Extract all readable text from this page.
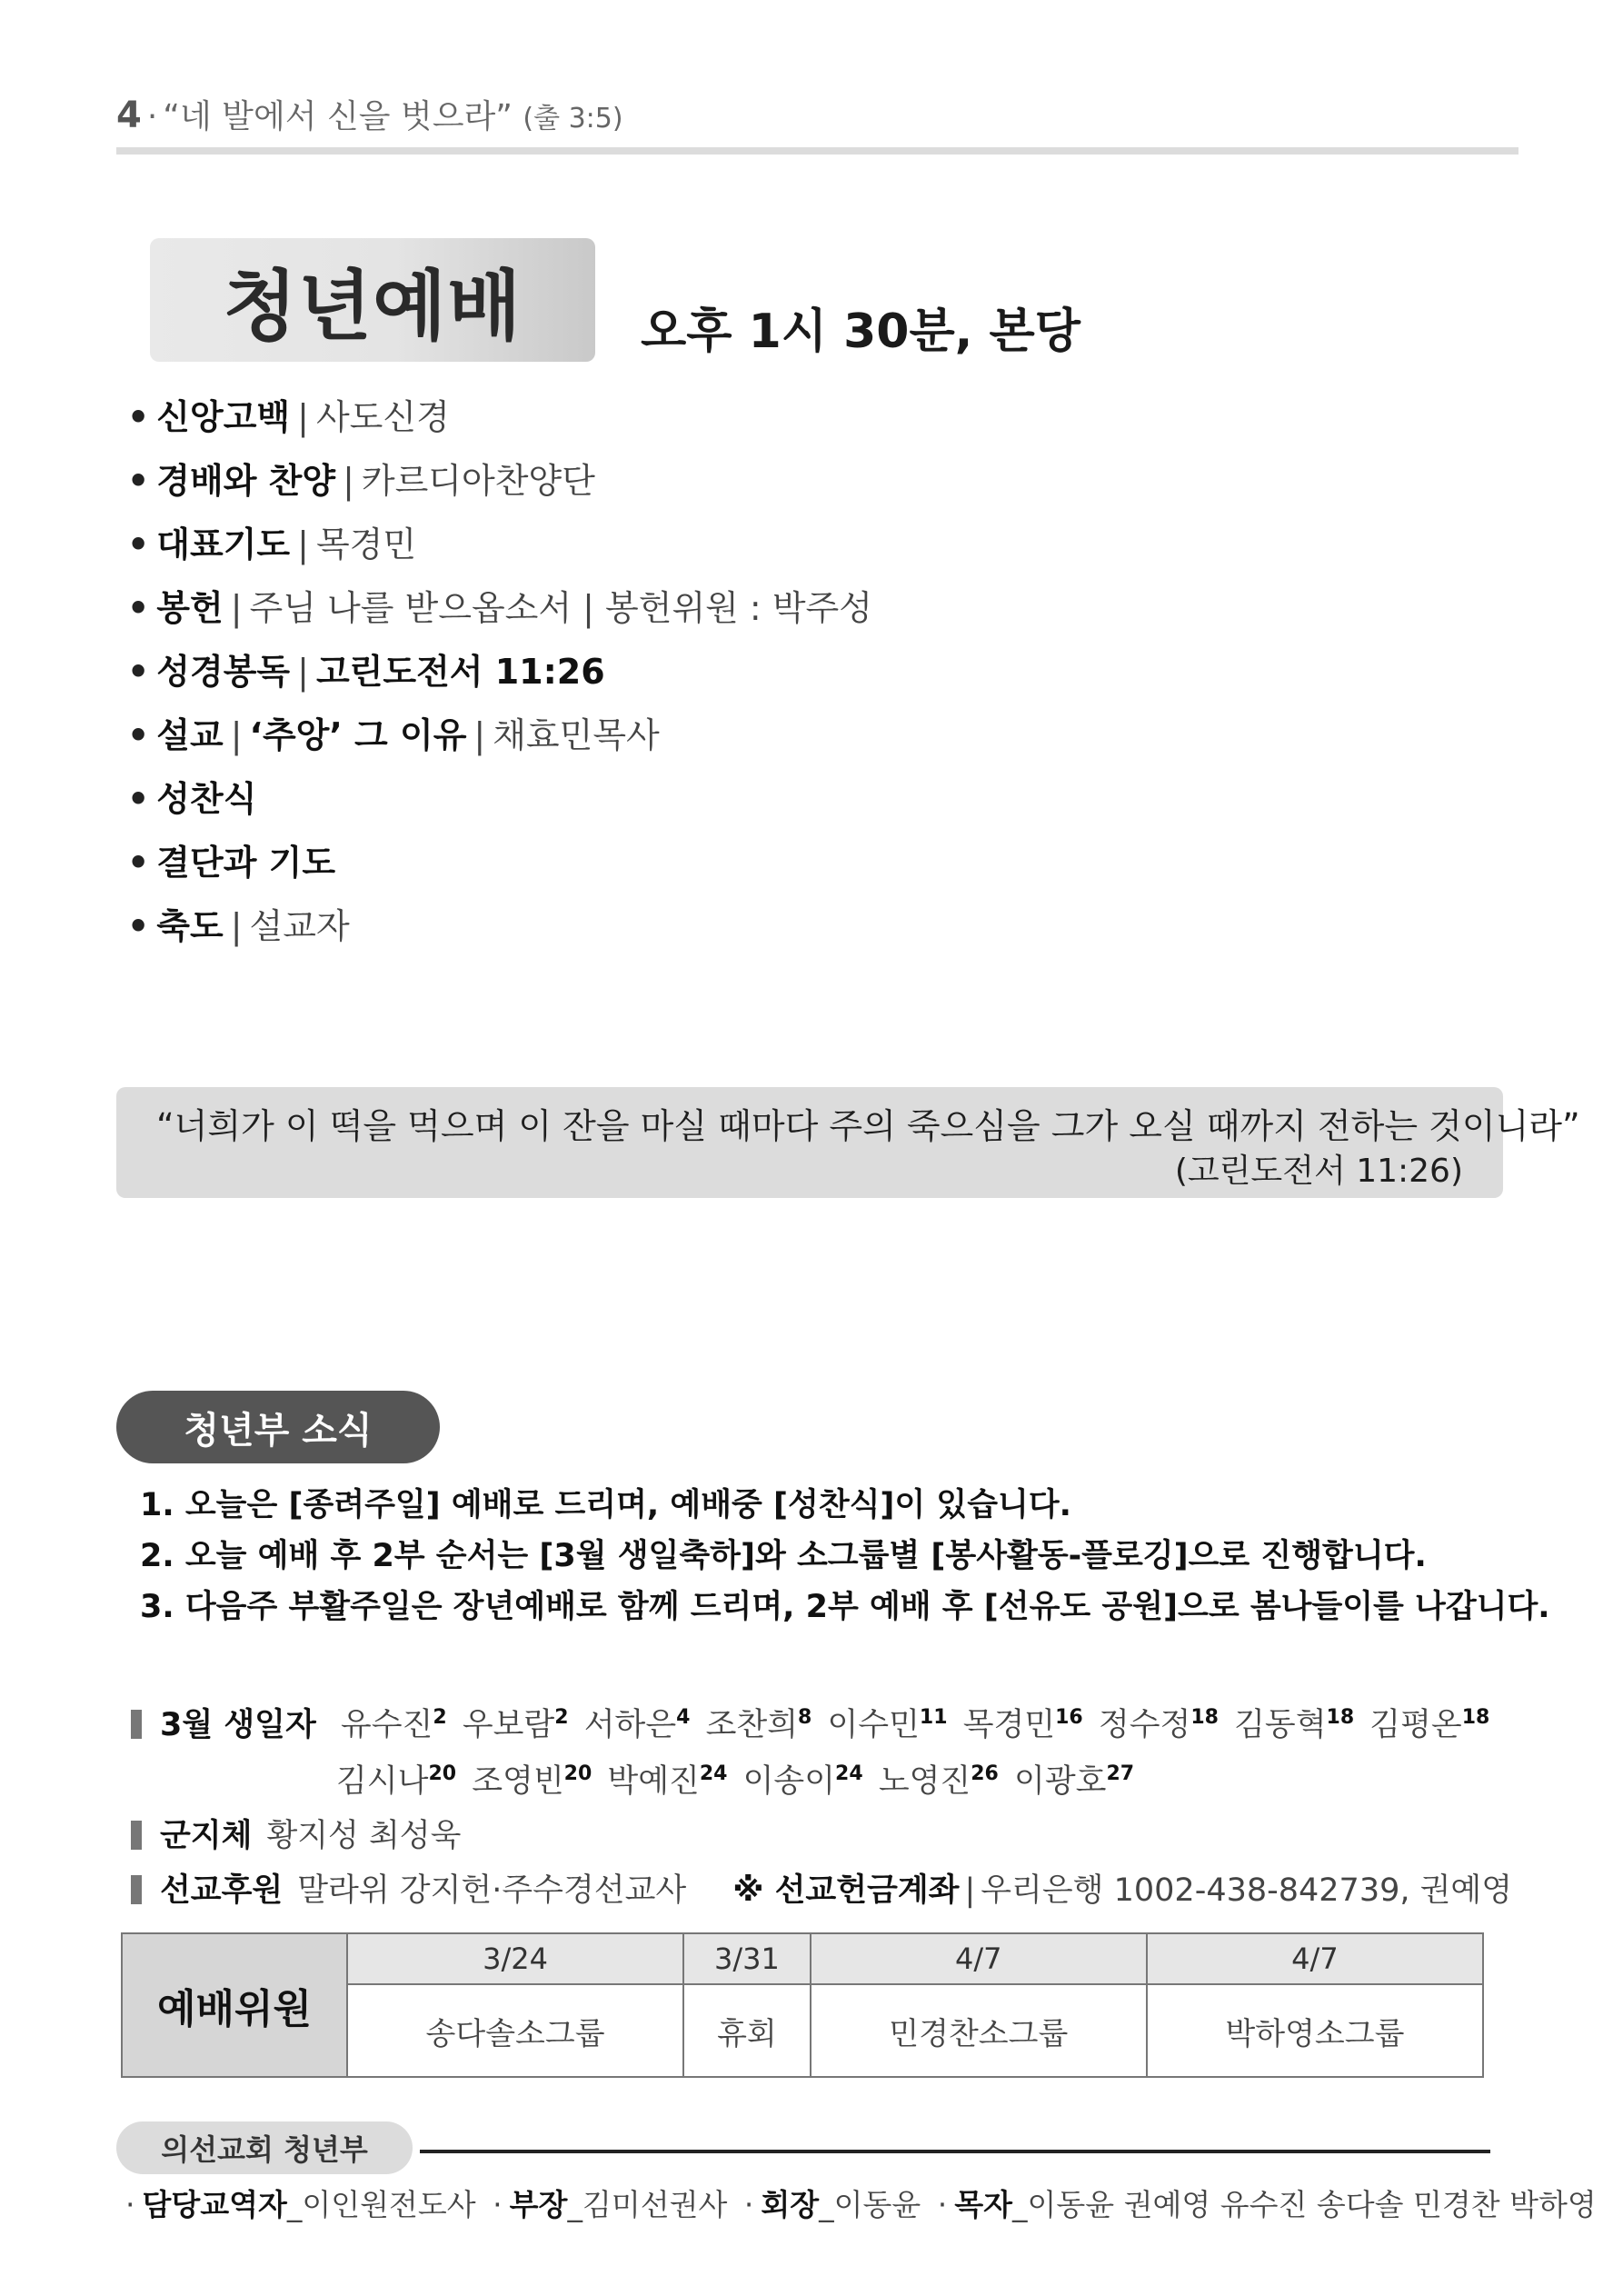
4 · “네 발에서 신을 벗으라” (출 3:5)
청년예배	오후 1시 30분, 본당
• 신앙고백 | 사도신경
• 경배와 찬양 | 카르디아찬양단
• 대표기도 | 목경민
• 봉헌 | 주님 나를 받으옵소서 | 봉헌위원 : 박주성
• 성경봉독 | 고린도전서 11:26
• 설교 | ‘추앙’ 그 이유 | 채효민목사
• 성찬식
• 결단과 기도
• 축도 | 설교자
“너희가 이 떡을 먹으며 이 잔을 마실 때마다 주의 죽으심을 그가 오실 때까지 전하는 것이니라”
(고린도전서 11:26)
청년부 소식
1. 오늘은 [종려주일] 예배로 드리며, 예배중 [성찬식]이 있습니다.
2. 오늘 예배 후 2부 순서는 [3월 생일축하]와 소그룹별 [봉사활동-플로깅]으로 진행합니다.
3. 다음주 부활주일은 장년예배로 함께 드리며, 2부 예배 후 [선유도 공원]으로 봄나들이를 나갑니다.
3월 생일자 유수진$^2$ 우보람$^2$ 서하은$^4$ 조찬희$^8$ 이수민$^{11}$ 목경민$^{16}$ 정수정$^{18}$ 김동혁$^{18}$ 김평온$^{18}$
김시나$^{20}$ 조영빈$^{20}$ 박예진$^{24}$ 이송이$^{24}$ 노영진$^{26}$ 이광호$^{27}$
군지체 황지성 최성욱
선교후원 말라위 강지헌·주수경선교사 ※ 선교헌금계좌 | 우리은행 1002-438-842739, 권예영
예배위원	3/24	3/31	4/7	4/7
	송다솔소그룹	휴회	민경찬소그룹	박하영소그룹
의선교회 청년부
· 담당교역자_이인원전도사 · 부장_김미선권사 · 회장_이동윤 · 목자_이동윤 권예영 유수진 송다솔 민경찬 박하영
